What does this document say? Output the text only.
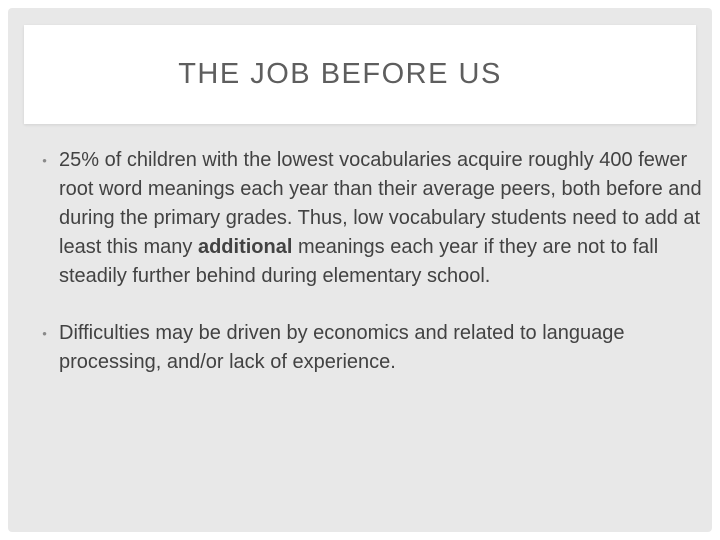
THE JOB BEFORE US
• 25% of children with the lowest vocabularies acquire roughly 400 fewer root word meanings each year than their average peers, both before and during the primary grades. Thus, low vocabulary students need to add at least this many additional meanings each year if they are not to fall steadily further behind during elementary school.
• Difficulties may be driven by economics and related to language processing, and/or lack of experience.
